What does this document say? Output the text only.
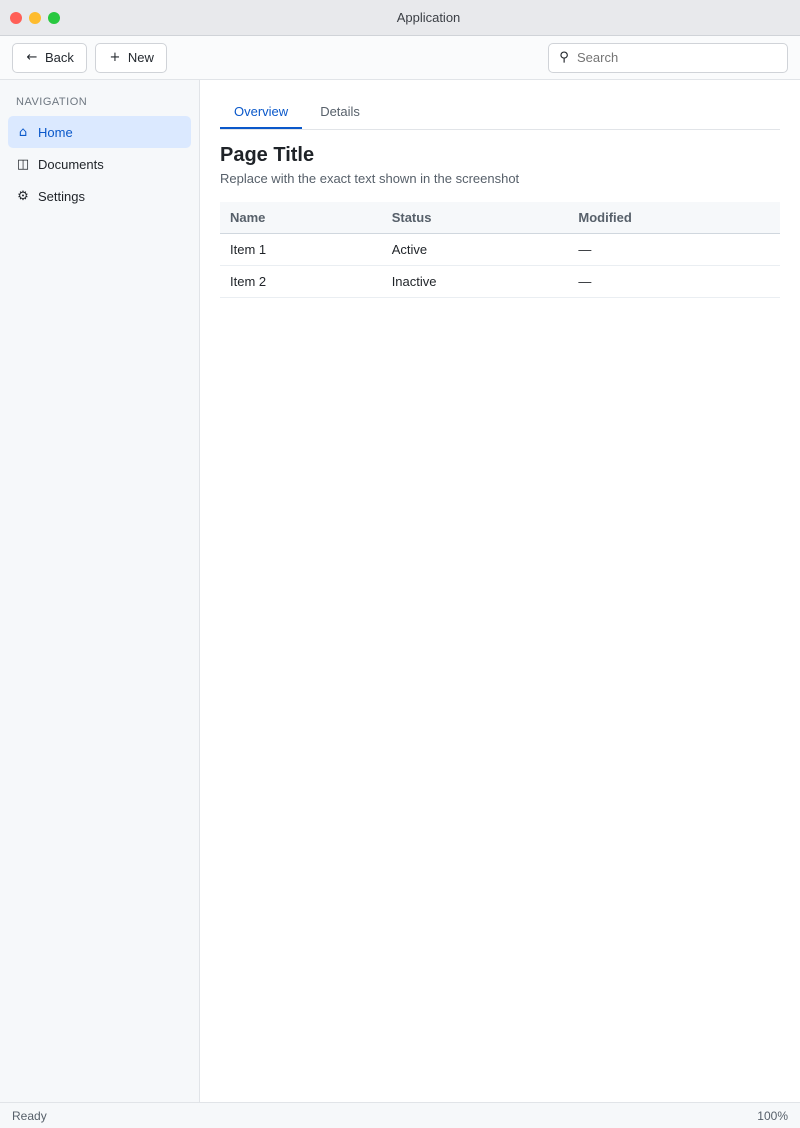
Application
← Back	+ New	⚲
Search
NAVIGATION
⌂ Home
◫ Documents
⚙ Settings
Overview	Details
Page Title
Replace with the exact text shown in the screenshot
Name	Status	Modified
Item 1	Active	—
Item 2	Inactive	—
Ready	100%
